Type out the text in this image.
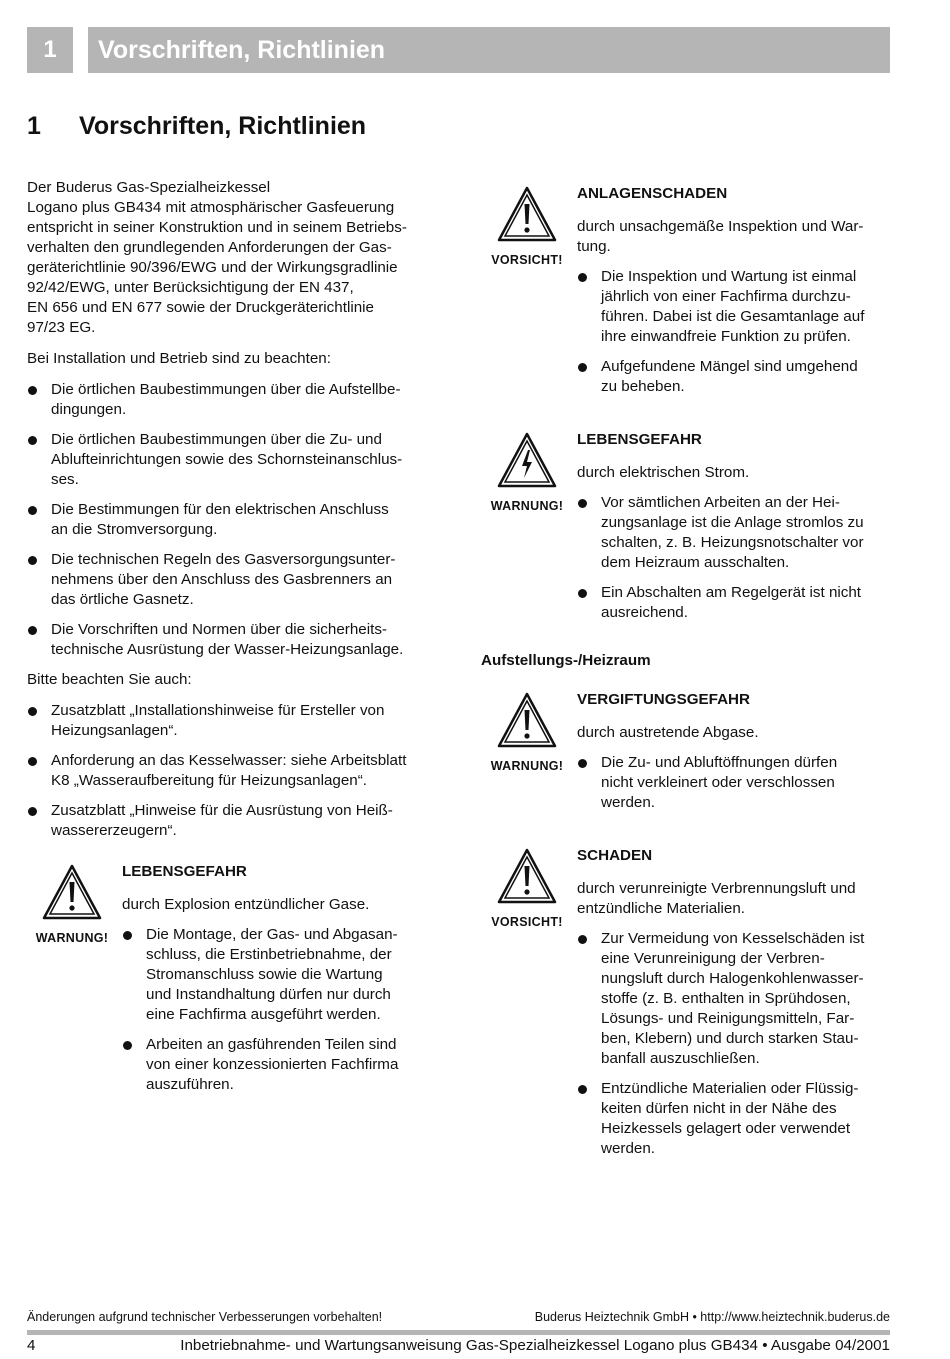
1 Vorschriften, Richtlinien
1 Vorschriften, Richtlinien

Der Buderus Gas-Spezialheizkessel
Logano plus GB434 mit atmosphärischer Gasfeuerung
entspricht in seiner Konstruktion und in seinem Betriebs-
verhalten den grundlegenden Anforderungen der Gas-
geräterichtlinie 90/396/EWG und der Wirkungsgradlinie
92/42/EWG, unter Berücksichtigung der EN 437,
EN 656 und EN 677 sowie der Druckgeräterichtlinie
97/23 EG.

Bei Installation und Betrieb sind zu beachten:

Die örtlichen Baubestimmungen über die Aufstellbe-
dingungen.
Die örtlichen Baubestimmungen über die Zu- und
Ablufteinrichtungen sowie des Schornsteinanschlus-
ses.
Die Bestimmungen für den elektrischen Anschluss
an die Stromversorgung.
Die technischen Regeln des Gasversorgungsunter-
nehmens über den Anschluss des Gasbrenners an
das örtliche Gasnetz.
Die Vorschriften und Normen über die sicherheits-
technische Ausrüstung der Wasser-Heizungsanlage.

Bitte beachten Sie auch:

Zusatzblatt „Installationshinweise für Ersteller von
Heizungsanlagen“.
Anforderung an das Kesselwasser: siehe Arbeitsblatt
K8 „Wasseraufbereitung für Heizungsanlagen“.
Zusatzblatt „Hinweise für die Ausrüstung von Heiß-
wassererzeugern“.
WARNUNG!
LEBENSGEFAHR
durch Explosion entzündlicher Gase.
Die Montage, der Gas- und Abgasan-
schluss, die Erstinbetriebnahme, der
Stromanschluss sowie die Wartung
und Instandhaltung dürfen nur durch
eine Fachfirma ausgeführt werden.
Arbeiten an gasführenden Teilen sind
von einer konzessionierten Fachfirma
auszuführen.
VORSICHT!
ANLAGENSCHADEN
durch unsachgemäße Inspektion und War-
tung.
Die Inspektion und Wartung ist einmal
jährlich von einer Fachfirma durchzu-
führen. Dabei ist die Gesamtanlage auf
ihre einwandfreie Funktion zu prüfen.
Aufgefundene Mängel sind umgehend
zu beheben.
WARNUNG!
LEBENSGEFAHR
durch elektrischen Strom.
Vor sämtlichen Arbeiten an der Hei-
zungsanlage ist die Anlage stromlos zu
schalten, z. B. Heizungsnotschalter vor
dem Heizraum ausschalten.
Ein Abschalten am Regelgerät ist nicht
ausreichend.
Aufstellungs-/Heizraum
WARNUNG!
VERGIFTUNGSGEFAHR
durch austretende Abgase.
Die Zu- und Abluftöffnungen dürfen
nicht verkleinert oder verschlossen
werden.
VORSICHT!
SCHADEN
durch verunreinigte Verbrennungsluft und
entzündliche Materialien.
Zur Vermeidung von Kesselschäden ist
eine Verunreinigung der Verbren-
nungsluft durch Halogenkohlenwasser-
stoffe (z. B. enthalten in Sprühdosen,
Lösungs- und Reinigungsmitteln, Far-
ben, Klebern) und durch starken Stau-
banfall auszuschließen.
Entzündliche Materialien oder Flüssig-
keiten dürfen nicht in der Nähe des
Heizkessels gelagert oder verwendet
werden.
Änderungen aufgrund technischer Verbesserungen vorbehalten!	Buderus Heiztechnik GmbH • http://www.heiztechnik.buderus.de
4	Inbetriebnahme- und Wartungsanweisung Gas-Spezialheizkessel Logano plus GB434 • Ausgabe 04/2001
